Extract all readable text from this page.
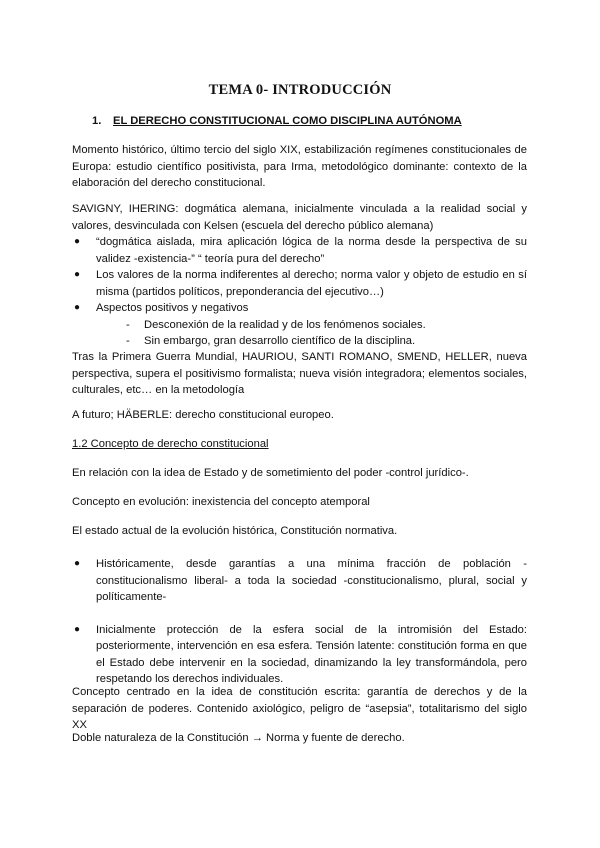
TEMA 0- INTRODUCCIÓN
1. EL DERECHO CONSTITUCIONAL COMO DISCIPLINA AUTÓNOMA

Momento histórico, último tercio del siglo XIX, estabilización regímenes constitucionales de Europa: estudio científico positivista, para Irma, metodológico dominante: contexto de la elaboración del derecho constitucional.

SAVIGNY, IHERING: dogmática alemana, inicialmente vinculada a la realidad social y valores, desvinculada con Kelsen (escuela del derecho público alemana)

● “dogmática aislada, mira aplicación lógica de la norma desde la perspectiva de su validez -existencia-” “ teoría pura del derecho”
● Los valores de la norma indiferentes al derecho; norma valor y objeto de estudio en sí misma (partidos políticos, preponderancia del ejecutivo…)
● Aspectos positivos y negativos
- Desconexión de la realidad y de los fenómenos sociales.
- Sin embargo, gran desarrollo científico de la disciplina.

Tras la Primera Guerra Mundial, HAURIOU, SANTI ROMANO, SMEND, HELLER, nueva perspectiva, supera el positivismo formalista; nueva visión integradora; elementos sociales, culturales, etc… en la metodología

A futuro; HÄBERLE: derecho constitucional europeo.

1.2 Concepto de derecho constitucional

En relación con la idea de Estado y de sometimiento del poder -control jurídico-.

Concepto en evolución: inexistencia del concepto atemporal

El estado actual de la evolución histórica, Constitución normativa.

● Históricamente, desde garantías a una mínima fracción de población -constitucionalismo liberal- a toda la sociedad -constitucionalismo, plural, social y políticamente-
● Inicialmente protección de la esfera social de la intromisión del Estado: posteriormente, intervención en esa esfera. Tensión latente: constitución forma en que el Estado debe intervenir en la sociedad, dinamizando la ley transformándola, pero respetando los derechos individuales.

Concepto centrado en la idea de constitución escrita: garantía de derechos y de la separación de poderes. Contenido axiológico, peligro de “asepsia”, totalitarismo del siglo XX

Doble naturaleza de la Constitución → Norma y fuente de derecho.
